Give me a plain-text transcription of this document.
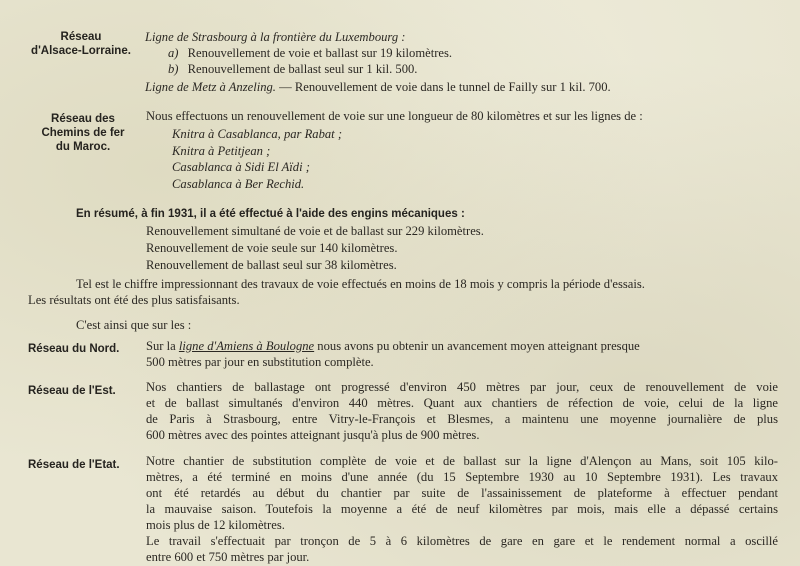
Réseau
d'Alsace-Lorraine.
Ligne de Strasbourg à la frontière du Luxembourg :
a) Renouvellement de voie et ballast sur 19 kilomètres.
b) Renouvellement de ballast seul sur 1 kil. 500.
Ligne de Metz à Anzeling. — Renouvellement de voie dans le tunnel de Failly sur 1 kil. 700.
Réseau des
Chemins de fer
du Maroc.
Nous effectuons un renouvellement de voie sur une longueur de 80 kilomètres et sur les lignes de :
Knitra à Casablanca, par Rabat ;
Knitra à Petitjean ;
Casablanca à Sidi El Aïdi ;
Casablanca à Ber Rechid.
En résumé, à fin 1931, il a été effectué à l'aide des engins mécaniques :
Renouvellement simultané de voie et de ballast sur 229 kilomètres.
Renouvellement de voie seule sur 140 kilomètres.
Renouvellement de ballast seul sur 38 kilomètres.
Tel est le chiffre impressionnant des travaux de voie effectués en moins de 18 mois y compris la période d'essais.
Les résultats ont été des plus satisfaisants.
C'est ainsi que sur les :
Réseau du Nord. Sur la ligne d'Amiens à Boulogne nous avons pu obtenir un avancement moyen atteignant presque
500 mètres par jour en substitution complète.
Réseau de l'Est. Nos chantiers de ballastage ont progressé d'environ 450 mètres par jour, ceux de renouvellement de voie
et de ballast simultanés d'environ 440 mètres. Quant aux chantiers de réfection de voie, celui de la ligne
de Paris à Strasbourg, entre Vitry-le-François et Blesmes, a maintenu une moyenne journalière de plus
600 mètres avec des pointes atteignant jusqu'à plus de 900 mètres.
Réseau de l'Etat. Notre chantier de substitution complète de voie et de ballast sur la ligne d'Alençon au Mans, soit 105 kilo-
mètres, a été terminé en moins d'une année (du 15 Septembre 1930 au 10 Septembre 1931). Les travaux
ont été retardés au début du chantier par suite de l'assainissement de plateforme à effectuer pendant
la mauvaise saison. Toutefois la moyenne a été de neuf kilomètres par mois, mais elle a dépassé certains
mois plus de 12 kilomètres.
Le travail s'effectuait par tronçon de 5 à 6 kilomètres de gare en gare et le rendement normal a oscillé
entre 600 et 750 mètres par jour.
